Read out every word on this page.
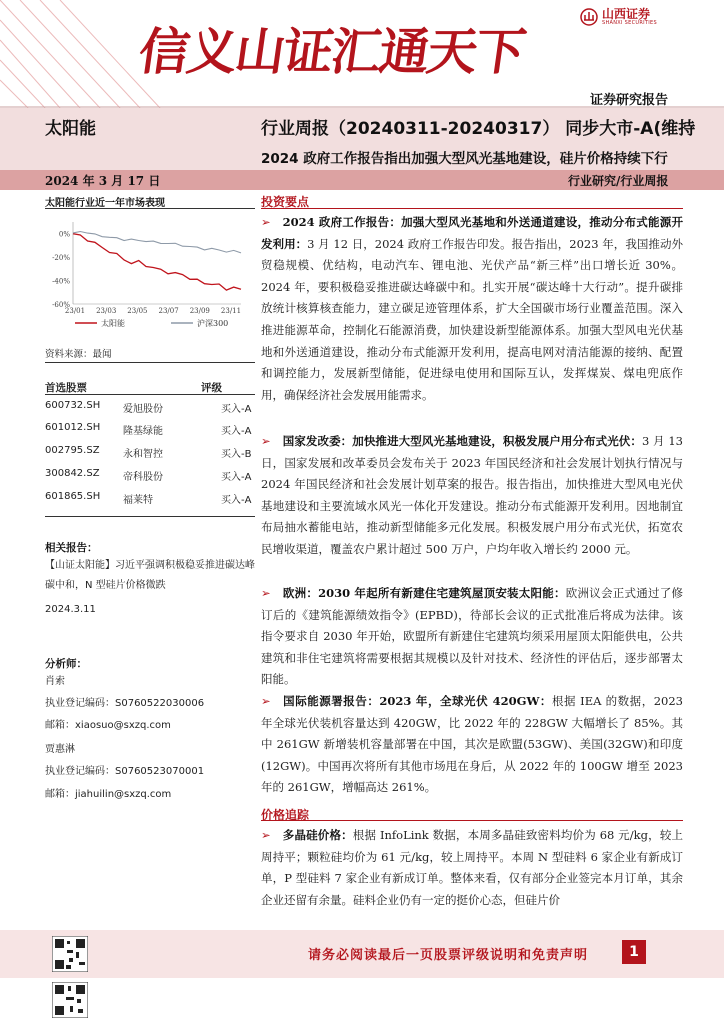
信义山证汇通天下
山西证券
SHANXI SECURITIES
证券研究报告
太阳能	行业周报（20240311-20240317） 同步大市-A(维持
2024 政府工作报告指出加强大型风光基地建设，硅片价格持续下行
2024 年 3 月 17 日	行业研究/行业周报
太阳能行业近一年市场表现
0%
-20%
-40%
-60%
23/01 23/03 23/05 23/07 23/09 23/11
太阳能	沪深300
资料来源：最闻
首选股票	评级
600732.SH	爱旭股份	买入-A
601012.SH	隆基绿能	买入-A
002795.SZ	永和智控	买入-B
300842.SZ	帝科股份	买入-A
601865.SH	福莱特	买入-A
相关报告：
【山证太阳能】习近平强调积极稳妥推进碳达峰碳中和，N 型硅片价格微跌
2024.3.11
分析师：
肖索
执业登记编码：S0760522030006
邮箱：xiaosuo@sxzq.com
贾惠淋
执业登记编码：S0760523070001
邮箱：jiahuilin@sxzq.com
投资要点
➢ 2024 政府工作报告：加强大型风光基地和外送通道建设，推动分布式能源开发利用：3 月 12 日，2024 政府工作报告印发。报告指出，2023 年，我国推动外贸稳规模、优结构，电动汽车、锂电池、光伏产品“新三样”出口增长近 30%。2024 年，要积极稳妥推进碳达峰碳中和。扎实开展“碳达峰十大行动”。提升碳排放统计核算核查能力，建立碳足迹管理体系，扩大全国碳市场行业覆盖范围。深入推进能源革命，控制化石能源消费，加快建设新型能源体系。加强大型风电光伏基地和外送通道建设，推动分布式能源开发利用，提高电网对清洁能源的接纳、配置和调控能力，发展新型储能，促进绿电使用和国际互认，发挥煤炭、煤电兜底作用，确保经济社会发展用能需求。
➢ 国家发改委：加快推进大型风光基地建设，积极发展户用分布式光伏：3 月 13 日，国家发展和改革委员会发布关于 2023 年国民经济和社会发展计划执行情况与 2024 年国民经济和社会发展计划草案的报告。报告指出，加快推进大型风电光伏基地建设和主要流域水风光一体化开发建设。推动分布式能源开发利用。因地制宜布局抽水蓄能电站，推动新型储能多元化发展。积极发展户用分布式光伏，拓宽农民增收渠道，覆盖农户累计超过 500 万户，户均年收入增长约 2000 元。
➢ 欧洲：2030 年起所有新建住宅建筑屋顶安装太阳能：欧洲议会正式通过了修订后的《建筑能源绩效指令》(EPBD)，待部长会议的正式批准后将成为法律。该指令要求自 2030 年开始，欧盟所有新建住宅建筑均须采用屋顶太阳能供电，公共建筑和非住宅建筑将需要根据其规模以及针对技术、经济性的评估后，逐步部署太阳能。
➢ 国际能源署报告：2023 年，全球光伏 420GW：根据 IEA 的数据，2023 年全球光伏装机容量达到 420GW，比 2022 年的 228GW 大幅增长了 85%。其中 261GW 新增装机容量部署在中国，其次是欧盟(53GW)、美国(32GW)和印度(12GW)。中国再次将所有其他市场甩在身后，从 2022 年的 100GW 增至 2023 年的 261GW，增幅高达 261%。
价格追踪
➢ 多晶硅价格：根据 InfoLink 数据，本周多晶硅致密料均价为 68 元/kg，较上周持平；颗粒硅均价为 61 元/kg，较上周持平。本周 N 型硅料 6 家企业有新成订单，P 型硅料 7 家企业有新成订单。整体来看，仅有部分企业签完本月订单，其余企业还留有余量。硅料企业仍有一定的挺价心态，但硅片价
请务必阅读最后一页股票评级说明和免责声明	1
